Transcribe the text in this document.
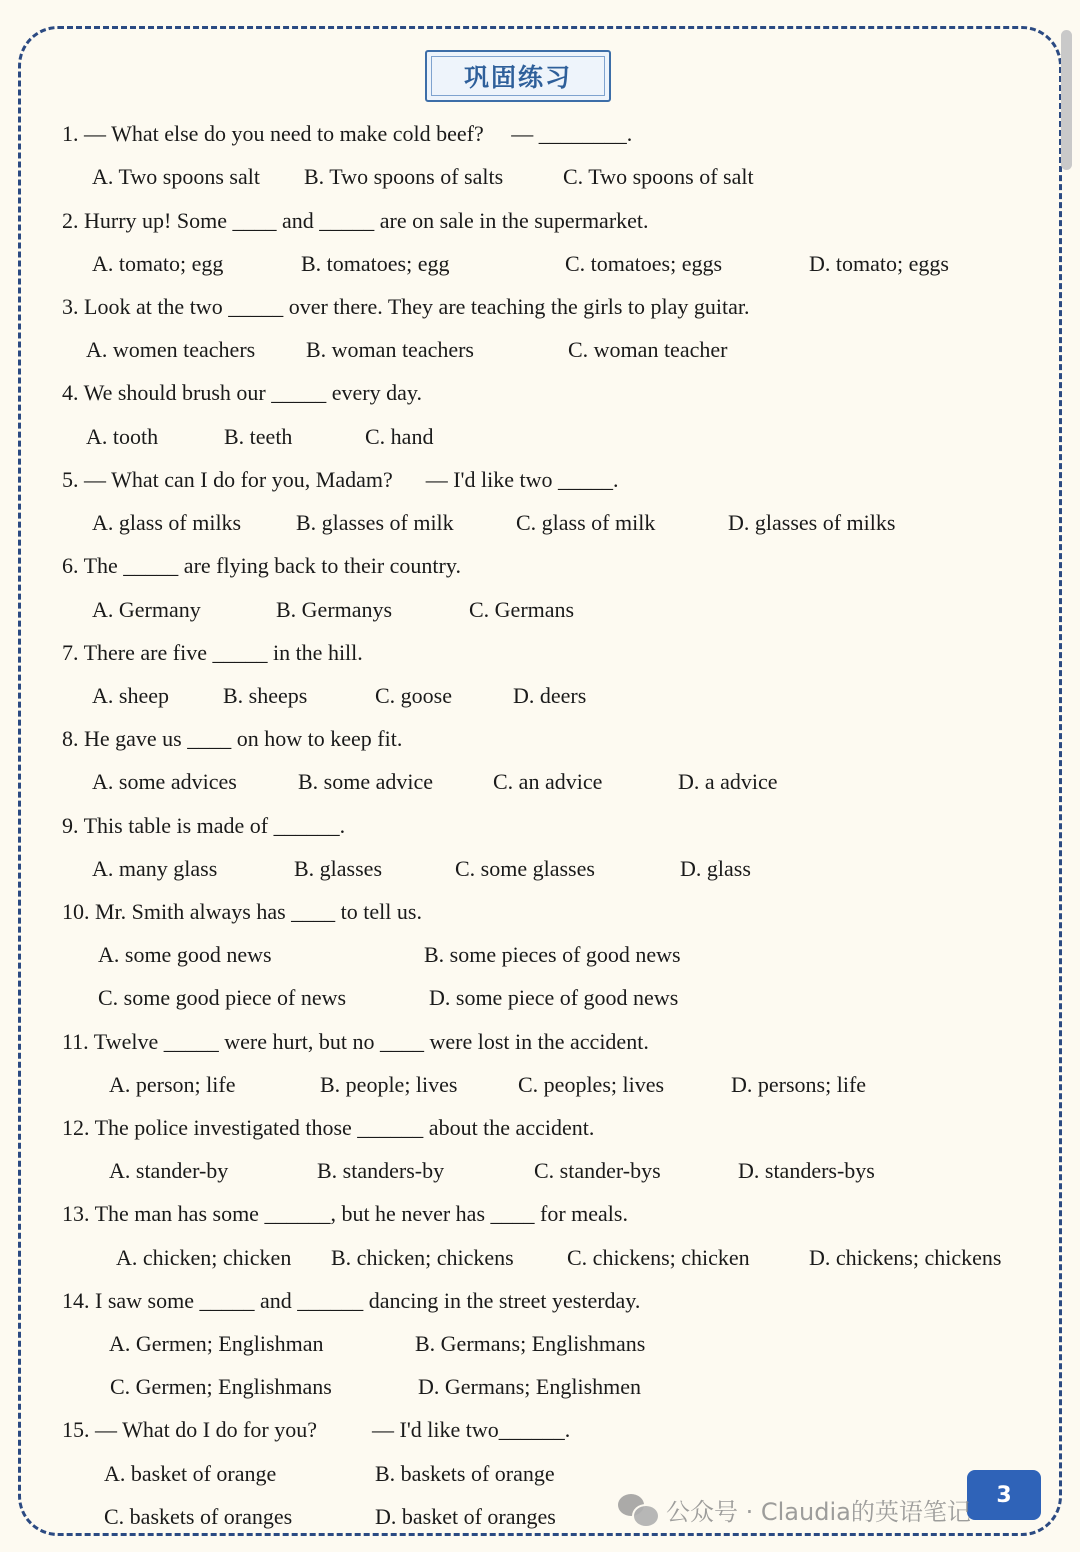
巩固练习
1. — What else do you need to make cold beef?     — ________.
A. Two spoons salt B. Two spoons of salts	C. Two spoons of salt
2. Hurry up! Some ____ and _____ are on sale in the supermarket.
A. tomato; egg	B. tomatoes; egg	C. tomatoes; eggs	D. tomato; eggs
3. Look at the two _____ over there. They are teaching the girls to play guitar.
A. women teachers B. woman teachers	C. woman teacher
4. We should brush our _____ every day.
A. tooth	B. teeth	C. hand
5. — What can I do for you, Madam?      — I'd like two _____.
A. glass of milks B. glasses of milk	C. glass of milk	D. glasses of milks
6. The _____ are flying back to their country.
A. Germany	B. Germanys	C. Germans
7. There are five _____ in the hill.
A. sheep B. sheeps	C. goose	D. deers
8. He gave us ____ on how to keep fit.
A. some advices	B. some advice	C. an advice	D. a advice
9. This table is made of ______.
A. many glass	B. glasses	C. some glasses	D. glass
10. Mr. Smith always has ____ to tell us.
A. some good news	B. some pieces of good news
C. some good piece of news	D. some piece of good news
11. Twelve _____ were hurt, but no ____ were lost in the accident.
A. person; life	B. people; lives	C. peoples; lives	D. persons; life
12. The police investigated those ______ about the accident.
A. stander-by	B. standers-by	C. stander-bys	D. standers-bys
13. The man has some ______, but he never has ____ for meals.
A. chicken; chicken B. chicken; chickens C. chickens; chicken	D. chickens; chickens
14. I saw some _____ and ______ dancing in the street yesterday.
A. Germen; Englishman	B. Germans; Englishmans
C. Germen; Englishmans	D. Germans; Englishmen
15. — What do I do for you?          — I'd like two______.
A. basket of orange	B. baskets of orange
C. baskets of oranges	D. basket of oranges
3
公众号 · Claudia的英语笔记
